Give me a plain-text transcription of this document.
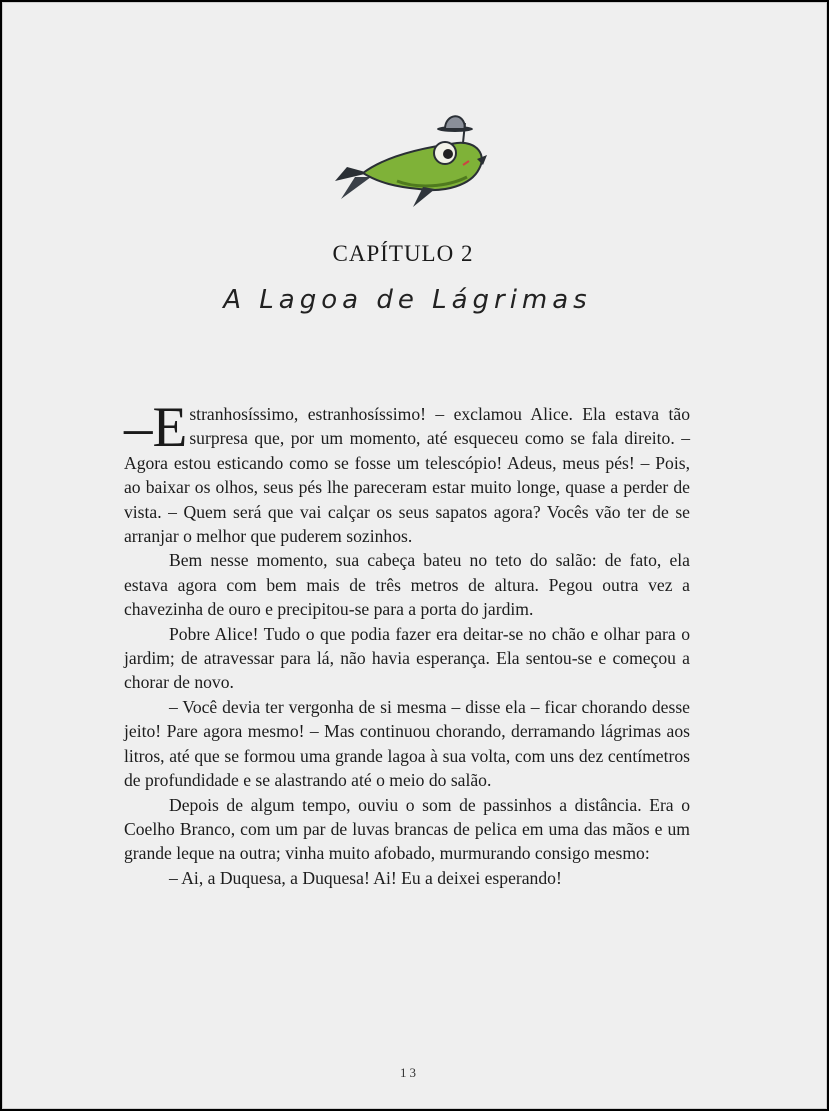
CAPÍTULO 2
A Lagoa de Lágrimas

–E stranhosíssimo, estranhosíssimo! – exclamou Alice. Ela estava tão surpresa que, por um momento, até esqueceu como se fala direito. – Agora estou esticando como se fosse um telescópio! Adeus, meus pés! – Pois, ao baixar os olhos, seus pés lhe pareceram estar muito longe, quase a perder de vista. – Quem será que vai calçar os seus sapatos agora? Vocês vão ter de se arranjar o melhor que puderem sozinhos.

Bem nesse momento, sua cabeça bateu no teto do salão: de fato, ela estava agora com bem mais de três metros de altura. Pegou outra vez a chavezinha de ouro e precipitou-se para a porta do jardim.

Pobre Alice! Tudo o que podia fazer era deitar-se no chão e olhar para o jardim; de atravessar para lá, não havia esperança. Ela sentou-se e começou a chorar de novo.

– Você devia ter vergonha de si mesma – disse ela – ficar chorando desse jeito! Pare agora mesmo! – Mas continuou chorando, derramando lágrimas aos litros, até que se formou uma grande lagoa à sua volta, com uns dez centímetros de profundidade e se alastrando até o meio do salão.

Depois de algum tempo, ouviu o som de passinhos a distância. Era o Coelho Branco, com um par de luvas brancas de pelica em uma das mãos e um grande leque na outra; vinha muito afobado, murmurando consigo mesmo:

– Ai, a Duquesa, a Duquesa! Ai! Eu a deixei esperando!

13
